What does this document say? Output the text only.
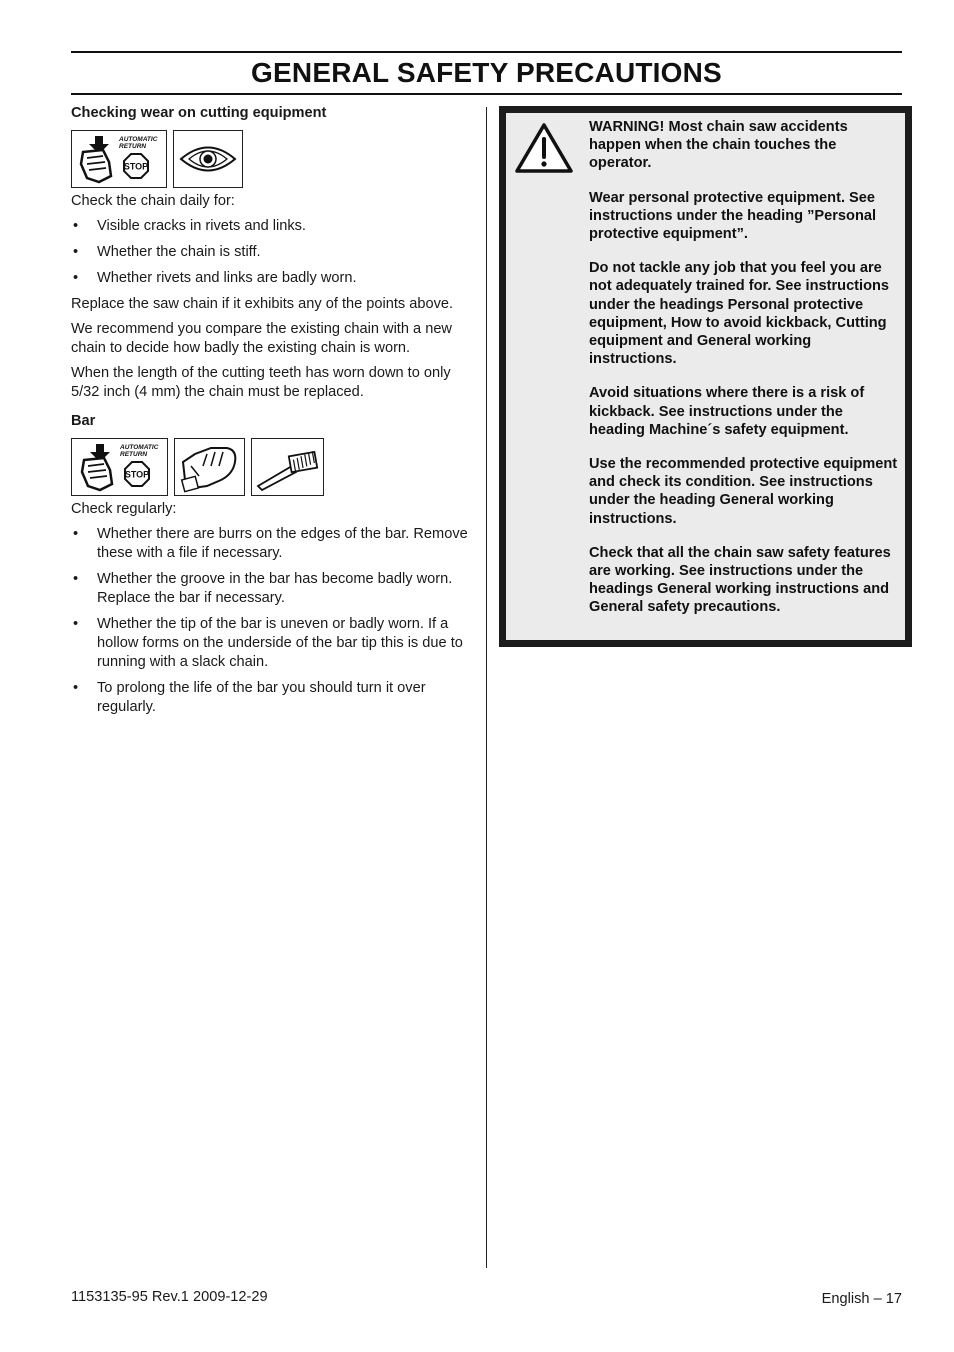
GENERAL SAFETY PRECAUTIONS
Checking wear on cutting equipment
AUTOMATIC
RETURN
STOP

Check the chain daily for:

• Visible cracks in rivets and links.
• Whether the chain is stiff.
• Whether rivets and links are badly worn.

Replace the saw chain if it exhibits any of the points above.

We recommend you compare the existing chain with a new chain to decide how badly the existing chain is worn.

When the length of the cutting teeth has worn down to only 5/32 inch (4 mm) the chain must be replaced.

Bar
AUTOMATIC
RETURN
STOP

Check regularly:

• Whether there are burrs on the edges of the bar. Remove these with a file if necessary.
• Whether the groove in the bar has become badly worn. Replace the bar if necessary.
• Whether the tip of the bar is uneven or badly worn. If a hollow forms on the underside of the bar tip this is due to running with a slack chain.
• To prolong the life of the bar you should turn it over regularly.

WARNING! Most chain saw accidents happen when the chain touches the operator.

Wear personal protective equipment. See instructions under the heading ”Personal protective equipment”.

Do not tackle any job that you feel you are not adequately trained for. See instructions under the headings Personal protective equipment, How to avoid kickback, Cutting equipment and General working instructions.

Avoid situations where there is a risk of kickback. See instructions under the heading Machine´s safety equipment.

Use the recommended protective equipment and check its condition. See instructions under the heading General working instructions.

Check that all the chain saw safety features are working. See instructions under the headings General working instructions and General safety precautions.

1153135-95 Rev.1 2009-12-29	English – 17
